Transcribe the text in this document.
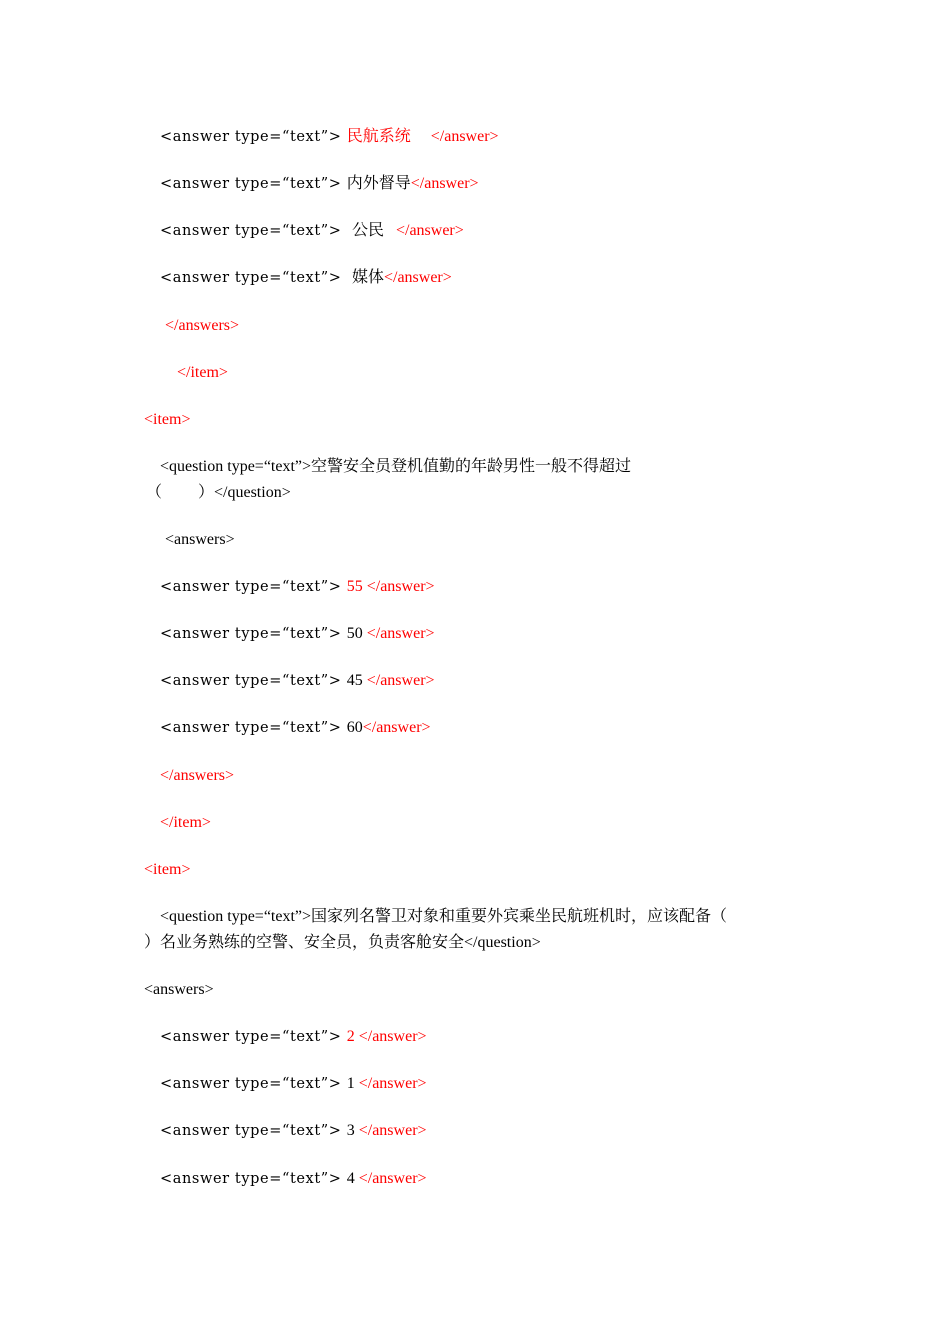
<answer type=“text”> 民航系统 </answer>
<answer type=“text”> 内外督导</answer>
<answer type=“text”>  公民 </answer>
<answer type=“text”>  媒体</answer>
</answers>
</item>
<item>
<question type=“text”>空警安全员登机值勤的年龄男性一般不得超过
（         ）</question>
<answers>
<answer type=“text”> 55 </answer>
<answer type=“text”> 50 </answer>
<answer type=“text”> 45 </answer>
<answer type=“text”> 60</answer>
</answers>
</item>
<item>
<question type=“text”>国家列名警卫对象和重要外宾乘坐民航班机时，应该配备（
）名业务熟练的空警、安全员，负责客舱安全</question>
<answers>
<answer type=“text”> 2 </answer>
<answer type=“text”> 1 </answer>
<answer type=“text”> 3 </answer>
<answer type=“text”> 4 </answer>
